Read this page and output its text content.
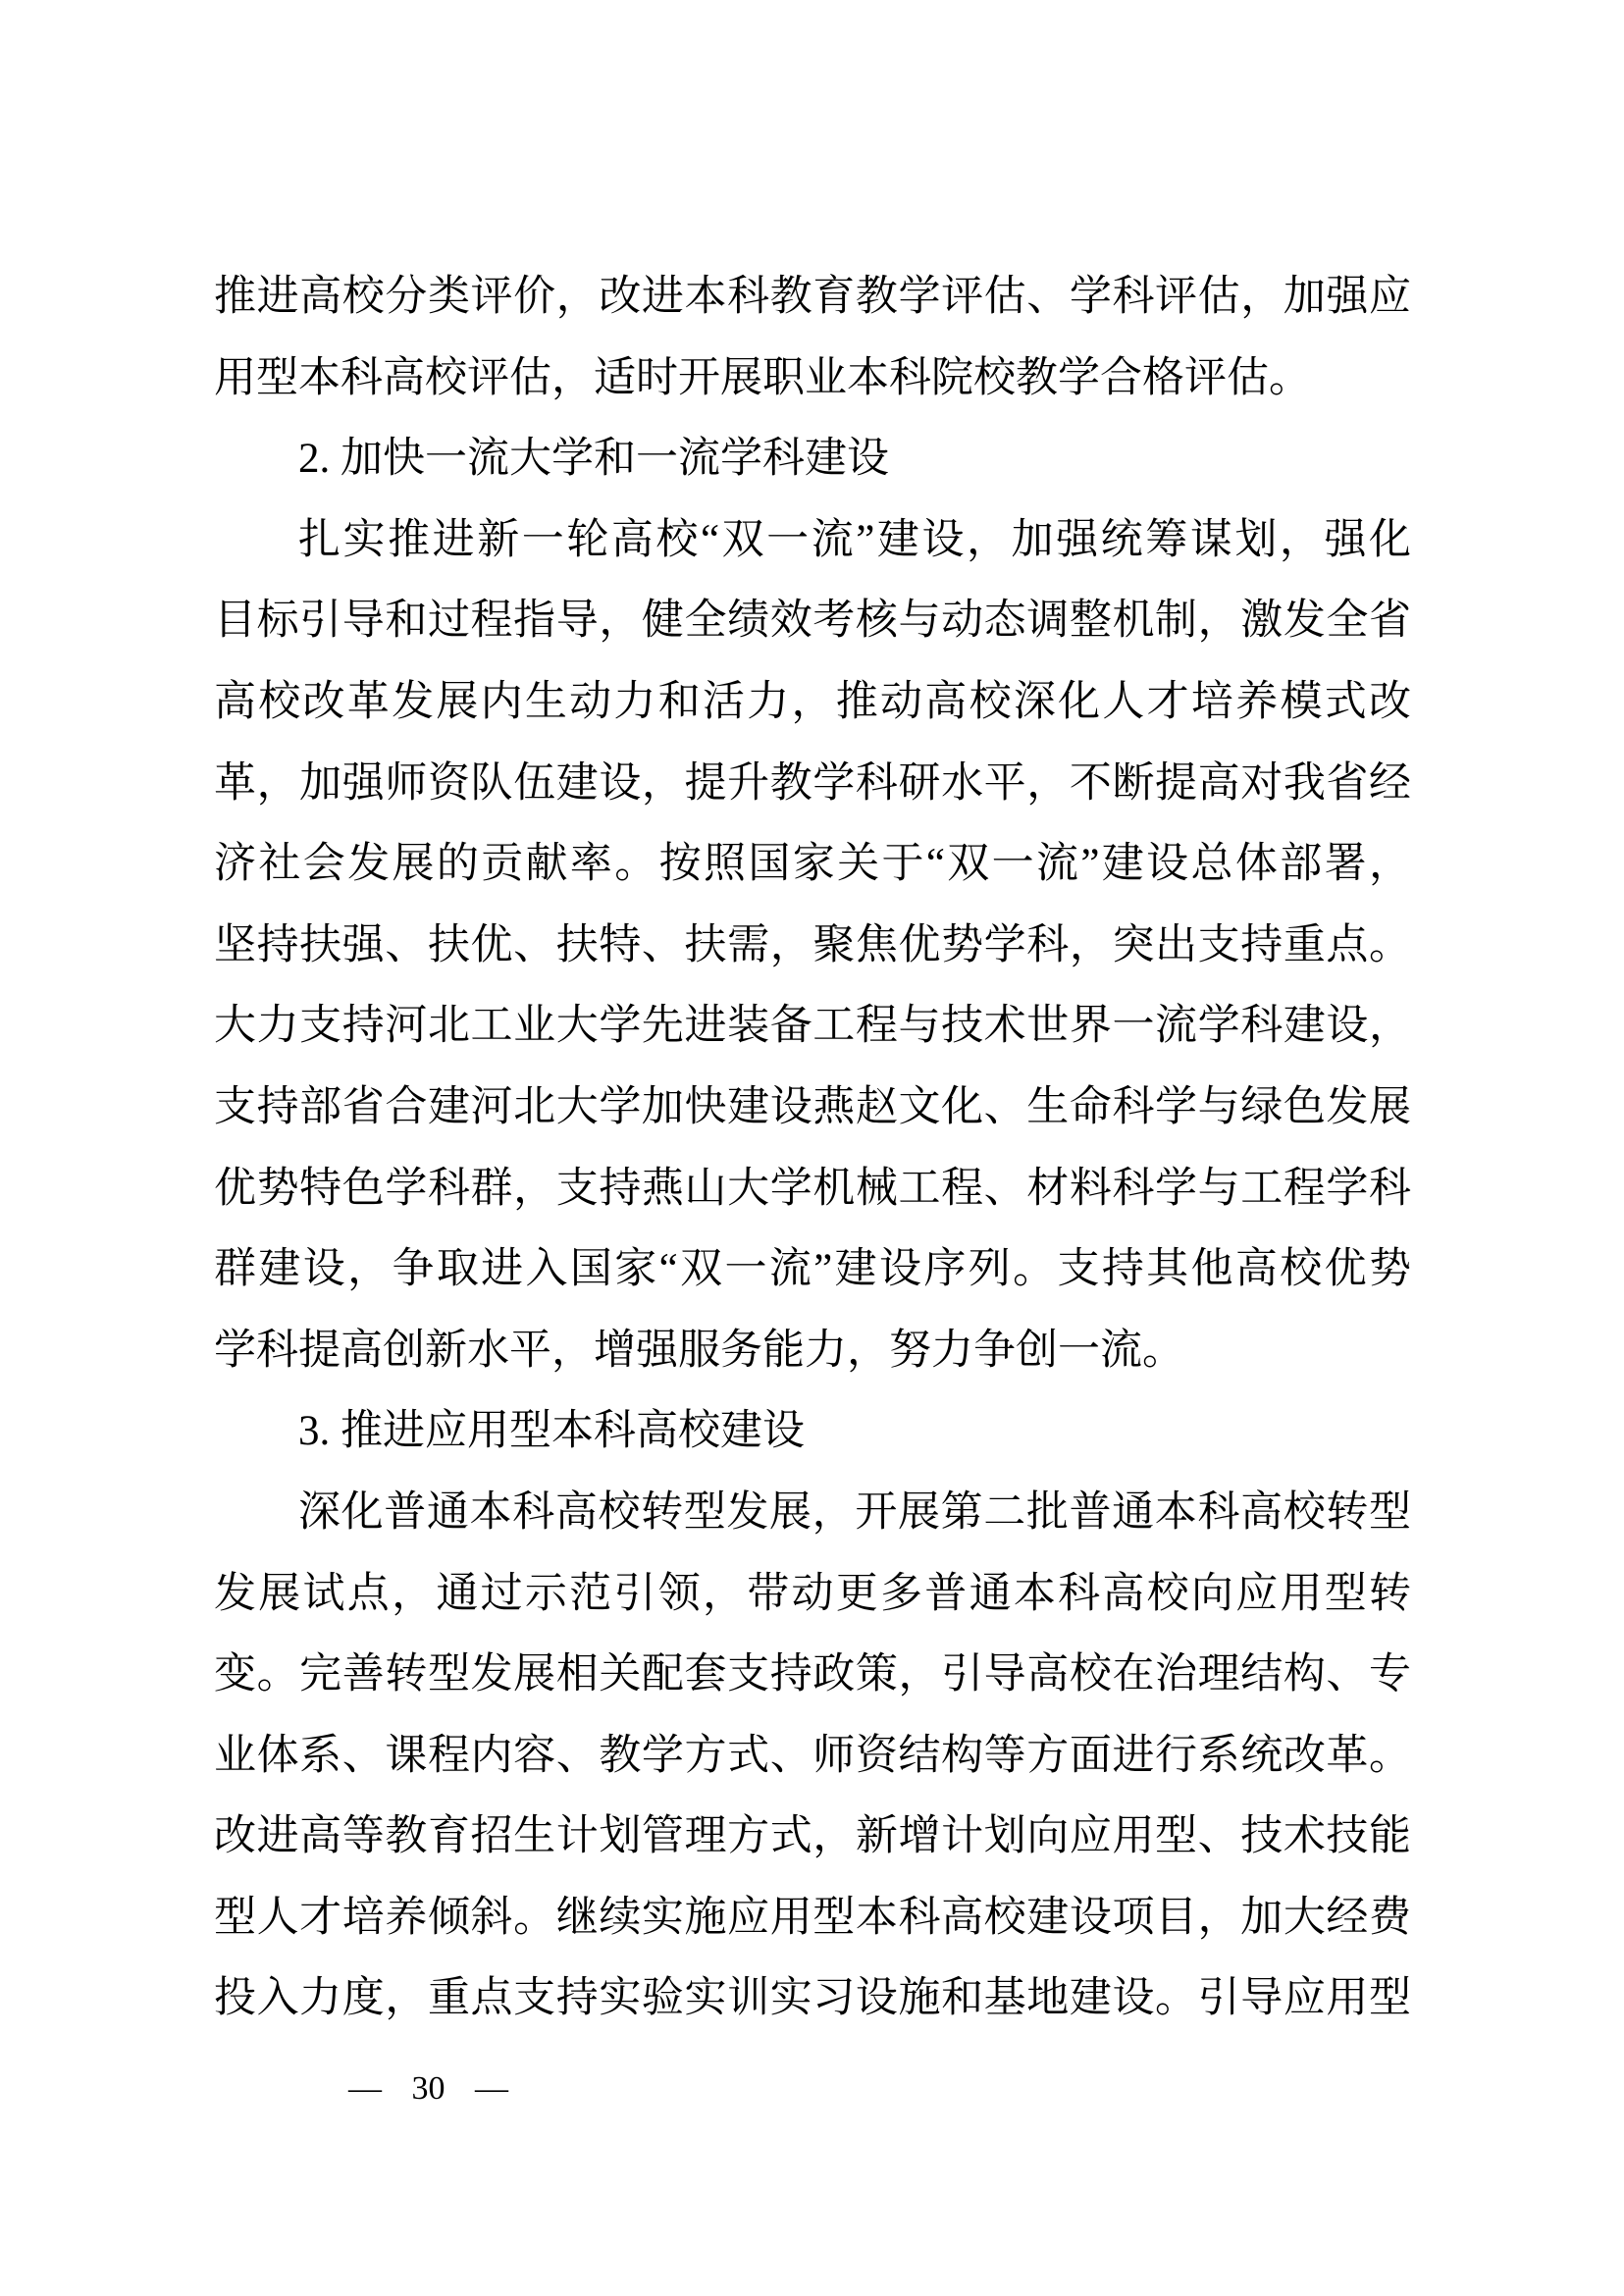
推进高校分类评价，改进本科教育教学评估、学科评估，加强应
用型本科高校评估，适时开展职业本科院校教学合格评估。
2. 加快一流大学和一流学科建设
扎实推进新一轮高校“双一流”建设，加强统筹谋划，强化
目标引导和过程指导，健全绩效考核与动态调整机制，激发全省
高校改革发展内生动力和活力，推动高校深化人才培养模式改
革，加强师资队伍建设，提升教学科研水平，不断提高对我省经
济社会发展的贡献率。按照国家关于“双一流”建设总体部署，
坚持扶强、扶优、扶特、扶需，聚焦优势学科，突出支持重点。
大力支持河北工业大学先进装备工程与技术世界一流学科建设，
支持部省合建河北大学加快建设燕赵文化、生命科学与绿色发展
优势特色学科群，支持燕山大学机械工程、材料科学与工程学科
群建设，争取进入国家“双一流”建设序列。支持其他高校优势
学科提高创新水平，增强服务能力，努力争创一流。
3. 推进应用型本科高校建设
深化普通本科高校转型发展，开展第二批普通本科高校转型
发展试点，通过示范引领，带动更多普通本科高校向应用型转
变。完善转型发展相关配套支持政策，引导高校在治理结构、专
业体系、课程内容、教学方式、师资结构等方面进行系统改革。
改进高等教育招生计划管理方式，新增计划向应用型、技术技能
型人才培养倾斜。继续实施应用型本科高校建设项目，加大经费
投入力度，重点支持实验实训实习设施和基地建设。引导应用型

— 30 —
